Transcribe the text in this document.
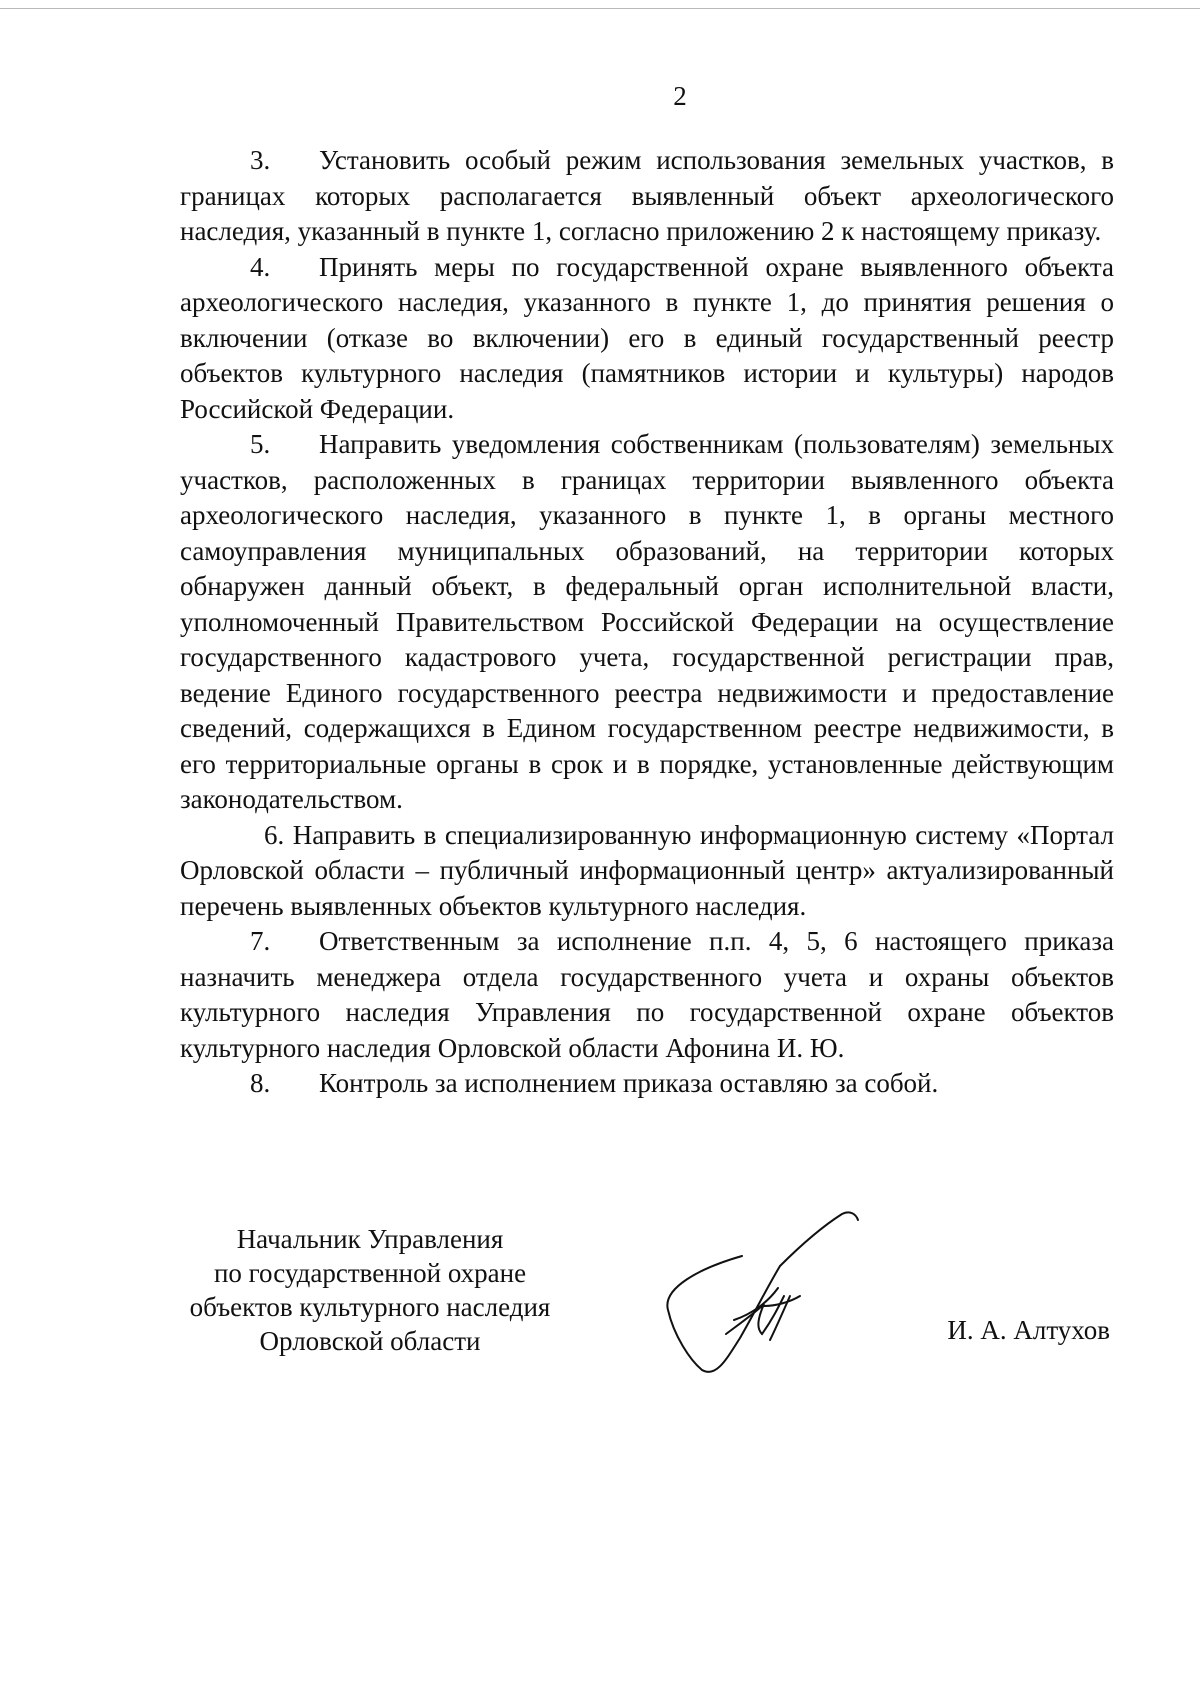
2

3. Установить особый режим использования земельных участков, в границах которых располагается выявленный объект археологического наследия, указанный в пункте 1, согласно приложению 2 к настоящему приказу.

4. Принять меры по государственной охране выявленного объекта археологического наследия, указанного в пункте 1, до принятия решения о включении (отказе во включении) его в единый государственный реестр объектов культурного наследия (памятников истории и культуры) народов Российской Федерации.

5. Направить уведомления собственникам (пользователям) земельных участков, расположенных в границах территории выявленного объекта археологического наследия, указанного в пункте 1, в органы местного самоуправления муниципальных образований, на территории которых обнаружен данный объект, в федеральный орган исполнительной власти, уполномоченный Правительством Российской Федерации на осуществление государственного кадастрового учета, государственной регистрации прав, ведение Единого государственного реестра недвижимости и предоставление сведений, содержащихся в Едином государственном реестре недвижимости, в его территориальные органы в срок и в порядке, установленные действующим законодательством.

6. Направить в специализированную информационную систему «Портал Орловской области – публичный информационный центр» актуализированный перечень выявленных объектов культурного наследия.

7. Ответственным за исполнение п.п. 4, 5, 6 настоящего приказа назначить менеджера отдела государственного учета и охраны объектов культурного наследия Управления по государственной охране объектов культурного наследия Орловской области Афонина И. Ю.

8. Контроль за исполнением приказа оставляю за собой.

Начальник Управления
по государственной охране
объектов культурного наследия
Орловской области	И. А. Алтухов
